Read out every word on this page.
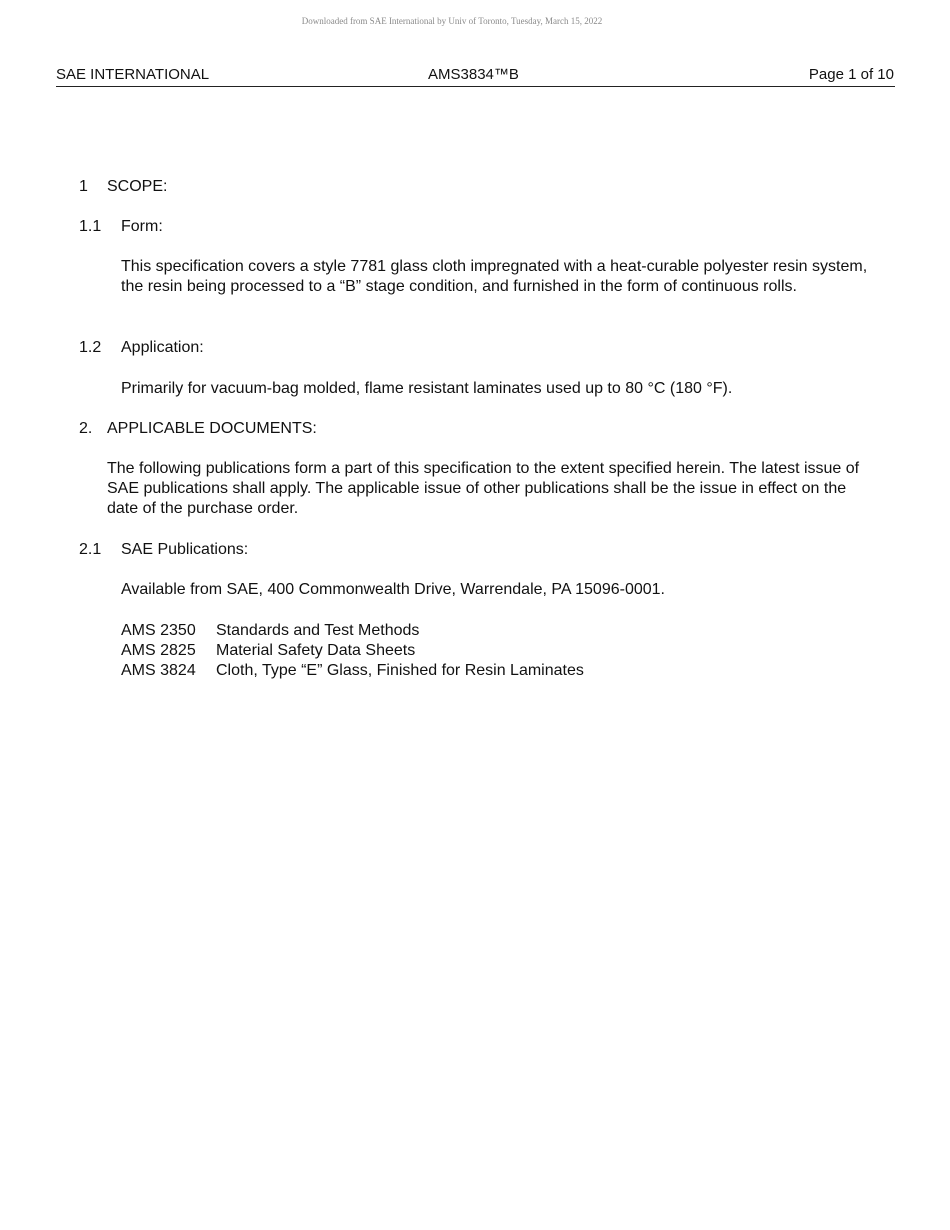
Downloaded from SAE International by Univ of Toronto, Tuesday, March 15, 2022
SAE INTERNATIONAL	AMS3834™B	Page 1 of 10
1 SCOPE:
1.1 Form:
This specification covers a style 7781 glass cloth impregnated with a heat-curable polyester resin system, the resin being processed to a “B” stage condition, and furnished in the form of continuous rolls.
1.2 Application:
Primarily for vacuum-bag molded, flame resistant laminates used up to 80 °C (180 °F).
2. APPLICABLE DOCUMENTS:
The following publications form a part of this specification to the extent specified herein. The latest issue of SAE publications shall apply. The applicable issue of other publications shall be the issue in effect on the date of the purchase order.
2.1 SAE Publications:
Available from SAE, 400 Commonwealth Drive, Warrendale, PA 15096-0001.
AMS 2350 Standards and Test Methods
AMS 2825 Material Safety Data Sheets
AMS 3824 Cloth, Type “E” Glass, Finished for Resin Laminates
